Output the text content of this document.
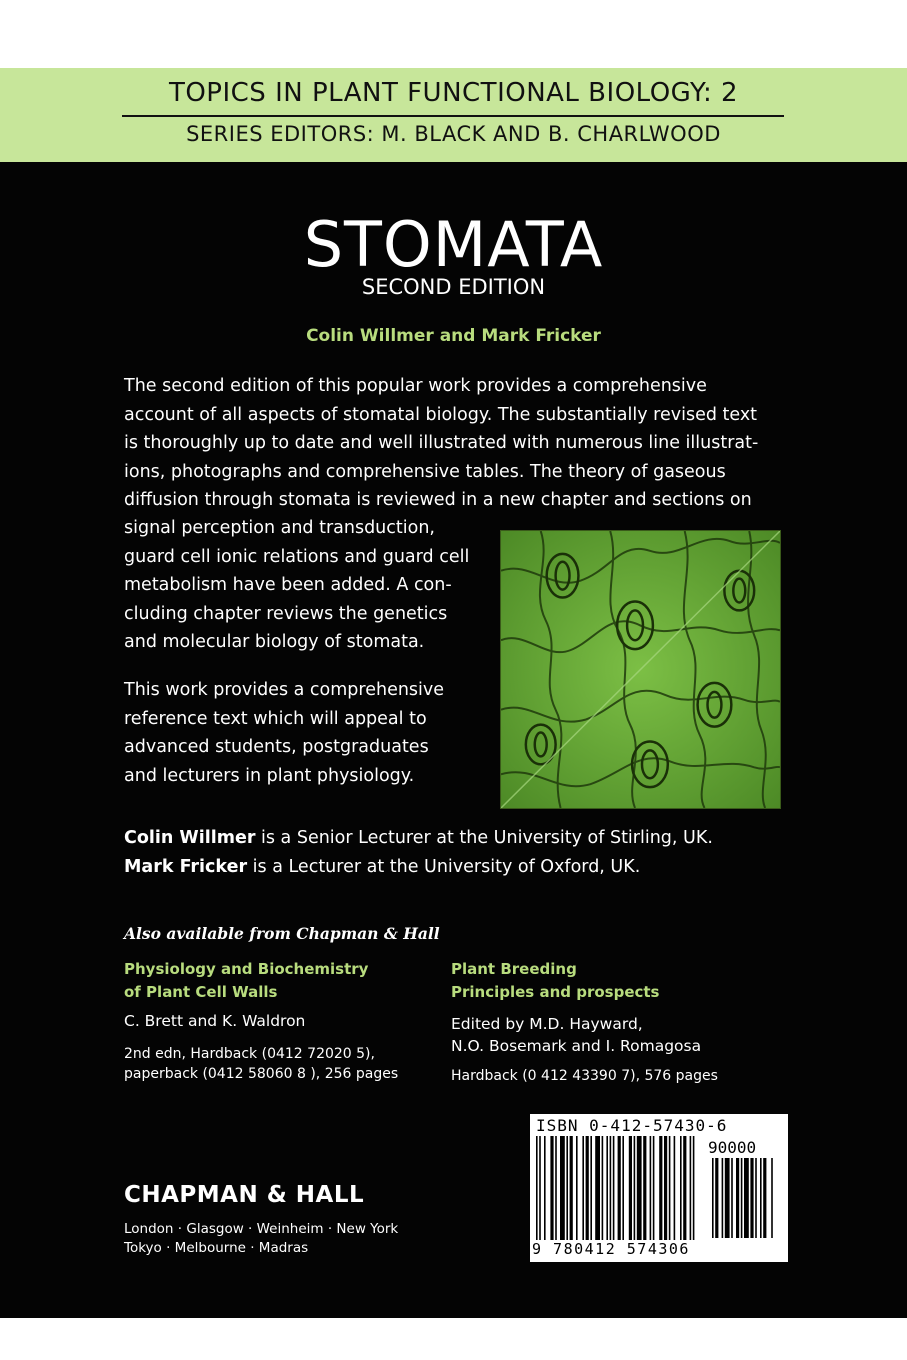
TOPICS IN PLANT FUNCTIONAL BIOLOGY: 2
SERIES EDITORS: M. BLACK AND B. CHARLWOOD
STOMATA
SECOND EDITION
Colin Willmer and Mark Fricker
The second edition of this popular work provides a comprehensive
account of all aspects of stomatal biology. The substantially revised text
is thoroughly up to date and well illustrated with numerous line illustrat-
ions, photographs and comprehensive tables. The theory of gaseous
diffusion through stomata is reviewed in a new chapter and sections on
signal perception and transduction,
guard cell ionic relations and guard cell
metabolism have been added. A con-
cluding chapter reviews the genetics
and molecular biology of stomata.
This work provides a comprehensive
reference text which will appeal to
advanced students, postgraduates
and lecturers in plant physiology.
Colin Willmer is a Senior Lecturer at the University of Stirling, UK.
Mark Fricker is a Lecturer at the University of Oxford, UK.
Also available from Chapman & Hall
Physiology and Biochemistry
of Plant Cell Walls
C. Brett and K. Waldron
2nd edn, Hardback (0412 72020 5),
paperback (0412 58060 8 ), 256 pages
Plant Breeding
Principles and prospects
Edited by M.D. Hayward,
N.O. Bosemark and I. Romagosa
Hardback (0 412 43390 7), 576 pages
CHAPMAN & HALL
London · Glasgow · Weinheim · New York
Tokyo · Melbourne · Madras
ISBN 0-412-57430-6
90000
9 780412 574306
